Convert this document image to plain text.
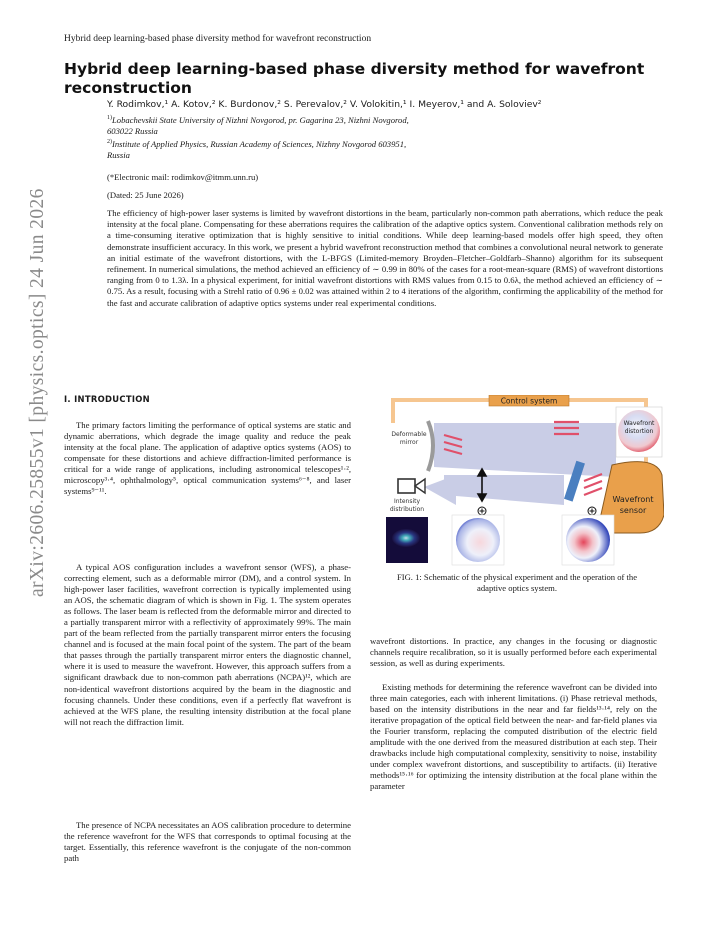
Hybrid deep learning-based phase diversity method for wavefront reconstruction
Hybrid deep learning-based phase diversity method for wavefront
reconstruction
Y. Rodimkov,¹ A. Kotov,² K. Burdonov,² S. Perevalov,² V. Volokitin,¹ I. Meyerov,¹ and A. Soloviev²
$^{1)}$Lobachevskii State University of Nizhni Novgorod, pr. Gagarina 23, Nizhni Novgorod,
603022 Russia
$^{2)}$Institute of Applied Physics, Russian Academy of Sciences, Nizhny Novgorod 603951,
Russia
(*Electronic mail: rodimkov@itmm.unn.ru)
(Dated: 25 June 2026)
The efficiency of high-power laser systems is limited by wavefront distortions in the beam, particularly non-common path aberrations, which reduce the peak intensity at the focal plane. Compensating for these aberrations requires the calibration of the adaptive optics system. Conventional calibration methods rely on a time-consuming iterative optimization that is highly sensitive to initial conditions. While deep learning-based models offer high speed, they often demonstrate insufficient accuracy. In this work, we present a hybrid wavefront reconstruction method that combines a convolutional neural network to generate an initial estimate of the wavefront distortions, with the L-BFGS (Limited-memory Broyden–Fletcher–Goldfarb–Shanno) algorithm for its subsequent refinement. In numerical simulations, the method achieved an efficiency of ∼ 0.99 in 80% of the cases for a root-mean-square (RMS) of wavefront distortions ranging from 0 to 1.3λ. In a physical experiment, for initial wavefront distortions with RMS values from 0.15 to 0.6λ, the method achieved an efficiency of ∼ 0.75. As a result, focusing with a Strehl ratio of 0.96 ± 0.02 was attained within 2 to 4 iterations of the algorithm, confirming the applicability of the method for the fast and accurate calibration of adaptive optics systems under real experimental conditions.
arXiv:2606.25855v1 [physics.optics] 24 Jun 2026 I. INTRODUCTION
The primary factors limiting the performance of optical systems are static and dynamic aberrations, which degrade the image quality and reduce the peak intensity at the focal plane. The application of adaptive optics systems (AOS) to compensate for these distortions and achieve diffraction-limited performance is critical for a wide range of applications, including astronomical telescopes¹·², microscopy³·⁴, ophthalmology⁵, optical communication systems⁶⁻⁸, and laser systems⁹⁻¹¹.
A typical AOS configuration includes a wavefront sensor (WFS), a phase-correcting element, such as a deformable mirror (DM), and a control system. In high-power laser facilities, wavefront correction is typically implemented using an AOS, the schematic diagram of which is shown in Fig. 1. The system operates as follows. The laser beam is reflected from the deformable mirror and directed to a partially transparent mirror with a reflectivity of approximately 99%. The main part of the beam reflected from the partially transparent mirror enters the focusing channel and is focused at the main focal point of the system. The part of the beam that passes through the partially transparent mirror enters the diagnostic channel, where it is used to measure the wavefront. However, this approach suffers from a significant drawback due to non-common path aberrations (NCPA)¹², which are non-identical wavefront distortions acquired by the beam in the diagnostic and focusing channels. Under these conditions, even if a perfectly flat wavefront is achieved at the WFS plane, the resulting intensity distribution at the focal plane will not reach the diffraction limit.
The presence of NCPA necessitates an AOS calibration procedure to determine the reference wavefront for the WFS that corresponds to optimal focusing at the target. Essentially, this reference wavefront is the conjugate of the non-common path
wavefront distortions. In practice, any changes in the focusing or diagnostic channels require recalibration, so it is usually performed before each experimental session, as well as during experiments.
Existing methods for determining the reference wavefront can be divided into three main categories, each with inherent limitations. (i) Phase retrieval methods, based on the intensity distributions in the near and far fields¹³·¹⁴, rely on the iterative propagation of the optical field between the near- and far-field planes via the Fourier transform, replacing the computed distribution of the electric field amplitude with the one derived from the measured distribution at each step. Their drawbacks include high computational complexity, sensitivity to noise, instability under complex wavefront distortions, and susceptibility to artifacts. (ii) Iterative methods¹⁵·¹⁶ for optimizing the intensity distribution at the focal plane within the parameter
Control system
Deformable
mirror
Wavefront
distortion
Wavefront
sensor
Intensity
distribution
FIG. 1: Schematic of the physical experiment and the operation of the adaptive optics system.
